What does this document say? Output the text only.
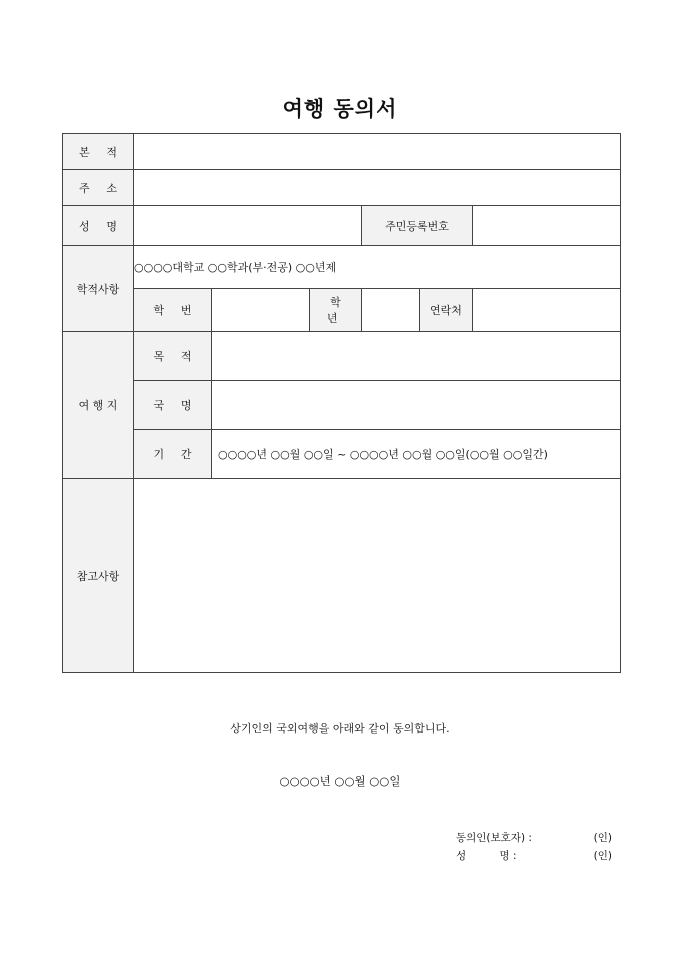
여행 동의서
본 적						
주 소						
성 명				주민등록번호		
학적사항	○○○○대학교 ○○학과(부·전공) ○○년제					
	학 번		학 년		연락처	
여 행 지	목 적					
	국 명					
	기 간	○○○○년 ○○월 ○○일 ~ ○○○○년 ○○월 ○○일(○○월 ○○일간)				
참고사항						
상기인의 국외여행을 아래와 같이 동의합니다.
○○○○년 ○○월 ○○일
동의인(보호자) :	(인)
성          명 :	(인)
